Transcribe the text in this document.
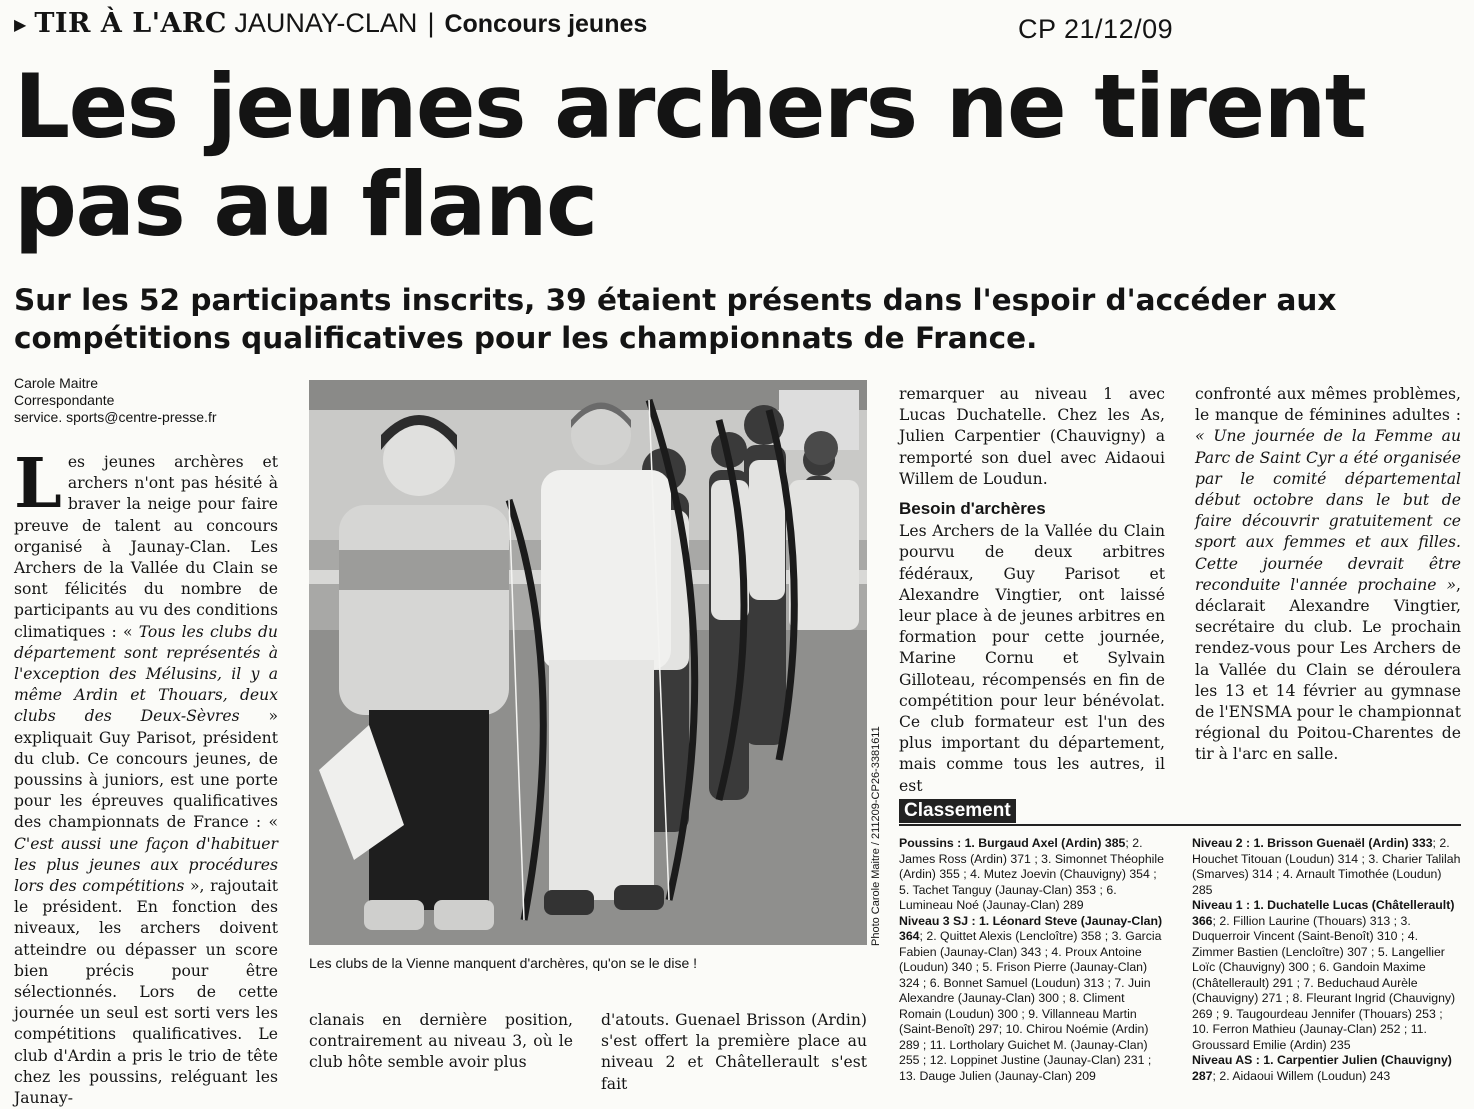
▶ TIR À L'ARC JAUNAY-CLAN | Concours jeunes	CP 21/12/09
Les jeunes archers ne tirent pas au flanc

Sur les 52 participants inscrits, 39 étaient présents dans l'espoir d'accéder aux compétitions qualificatives pour les championnats de France.

Carole Maitre
Correspondante
service. sports@centre-presse.fr

Les jeunes archères et archers n'ont pas hésité à braver la neige pour faire preuve de talent au concours organisé à Jaunay-Clan. Les Archers de la Vallée du Clain se sont félicités du nombre de participants au vu des conditions climatiques : « Tous les clubs du département sont représentés à l'exception des Mélusins, il y a même Ardin et Thouars, deux clubs des Deux-Sèvres » expliquait Guy Parisot, président du club. Ce concours jeunes, de poussins à juniors, est une porte pour les épreuves qualificatives des championnats de France : « C'est aussi une façon d'habituer les plus jeunes aux procédures lors des compétitions », rajoutait le président. En fonction des niveaux, les archers doivent atteindre ou dépasser un score bien précis pour être sélectionnés. Lors de cette journée un seul est sorti vers les compétitions qualificatives. Le club d'Ardin a pris le trio de tête chez les poussins, reléguant les Jaunay-

Photo Carole Maitre / 211209-CP26-3381611
Les clubs de la Vienne manquent d'archères, qu'on se le dise !

clanais en dernière position, contrairement au niveau 3, où le club hôte semble avoir plus

d'atouts. Guenael Brisson (Ardin) s'est offert la première place au niveau 2 et Châtellerault s'est fait

remarquer au niveau 1 avec Lucas Duchatelle. Chez les As, Julien Carpentier (Chauvigny) a remporté son duel avec Aidaoui Willem de Loudun.

Besoin d'archères

Les Archers de la Vallée du Clain pourvu de deux arbitres fédéraux, Guy Parisot et Alexandre Vingtier, ont laissé leur place à de jeunes arbitres en formation pour cette journée, Marine Cornu et Sylvain Gilloteau, récompensés en fin de compétition pour leur bénévolat. Ce club formateur est l'un des plus important du département, mais comme tous les autres, il est

confronté aux mêmes problèmes, le manque de féminines adultes : « Une journée de la Femme au Parc de Saint Cyr a été organisée par le comité départemental début octobre dans le but de faire découvrir gratuitement ce sport aux femmes et aux filles. Cette journée devrait être reconduite l'année prochaine », déclarait Alexandre Vingtier, secrétaire du club. Le prochain rendez-vous pour Les Archers de la Vallée du Clain se déroulera les 13 et 14 février au gymnase de l'ENSMA pour le championnat régional du Poitou-Charentes de tir à l'arc en salle.

Classement

Poussins : 1. Burgaud Axel (Ardin) 385; 2. James Ross (Ardin) 371 ; 3. Simonnet Théophile (Ardin) 355 ; 4. Mutez Joevin (Chauvigny) 354 ; 5. Tachet Tanguy (Jaunay-Clan) 353 ; 6. Lumineau Noé (Jaunay-Clan) 289

Niveau 3 SJ : 1. Léonard Steve (Jaunay-Clan) 364; 2. Quittet Alexis (Lencloître) 358 ; 3. Garcia Fabien (Jaunay-Clan) 343 ; 4. Proux Antoine (Loudun) 340 ; 5. Frison Pierre (Jaunay-Clan) 324 ; 6. Bonnet Samuel (Loudun) 313 ; 7. Juin Alexandre (Jaunay-Clan) 300 ; 8. Climent Romain (Loudun) 300 ; 9. Villanneau Martin (Saint-Benoît) 297; 10. Chirou Noémie (Ardin) 289 ; 11. Lortholary Guichet M. (Jaunay-Clan) 255 ; 12. Loppinet Justine (Jaunay-Clan) 231 ; 13. Dauge Julien (Jaunay-Clan) 209

Niveau 2 : 1. Brisson Guenaël (Ardin) 333; 2. Houchet Titouan (Loudun) 314 ; 3. Charier Talilah (Smarves) 314 ; 4. Arnault Timothée (Loudun) 285

Niveau 1 : 1. Duchatelle Lucas (Châtellerault) 366; 2. Fillion Laurine (Thouars) 313 ; 3. Duquerroir Vincent (Saint-Benoît) 310 ; 4. Zimmer Bastien (Lencloître) 307 ; 5. Langellier Loïc (Chauvigny) 300 ; 6. Gandoin Maxime (Châtellerault) 291 ; 7. Beduchaud Aurèle (Chauvigny) 271 ; 8. Fleurant Ingrid (Chauvigny) 269 ; 9. Taugourdeau Jennifer (Thouars) 253 ; 10. Ferron Mathieu (Jaunay-Clan) 252 ; 11. Groussard Emilie (Ardin) 235

Niveau AS : 1. Carpentier Julien (Chauvigny) 287; 2. Aidaoui Willem (Loudun) 243
